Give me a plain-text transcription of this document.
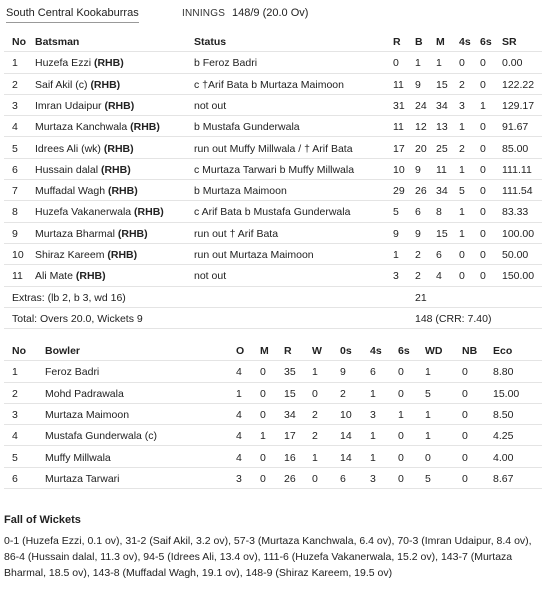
South Central Kookaburras	INNINGS 148/9 (20.0 Ov)
No Batsman	Status	R B M 4s 6s SR
1 Huzefa Ezzi (RHB)	b Feroz Badri	0 1 1 0 0 0.00
2 Saif Akil (c) (RHB)	c †Arif Bata b Murtaza Maimoon	11 9 15 2 0 122.22
3 Imran Udaipur (RHB)	not out	31 24 34 3 1 129.17
4 Murtaza Kanchwala (RHB)	b Mustafa Gunderwala	11 12 13 1 0 91.67
5 Idrees Ali (wk) (RHB)	run out Muffy Millwala / † Arif Bata	17 20 25 2 0 85.00
6 Hussain dalal (RHB)	c Murtaza Tarwari b Muffy Millwala	10 9 11 1 0 111.11
7 Muffadal Wagh (RHB)	b Murtaza Maimoon	29 26 34 5 0 111.54
8 Huzefa Vakanerwala (RHB)	c Arif Bata b Mustafa Gunderwala	5 6 8 1 0 83.33
9 Murtaza Bharmal (RHB)	run out † Arif Bata	9 9 15 1 0 100.00
10 Shiraz Kareem (RHB)	run out Murtaza Maimoon	1 2 6 0 0 50.00
11 Ali Mate (RHB)	not out	3 2 4 0 0 150.00
Extras: (lb 2, b 3, wd 16)	21
Total: Overs 20.0, Wickets 9	148 (CRR: 7.40)
No Bowler	O M R W 0s 4s 6s WD NB Eco
1	Feroz Badri	4 0 35 1 9 6 0 1	0 8.80
2	Mohd Padrawala	1 0 15 0 2 1 0 5	0 15.00
3	Murtaza Maimoon	4 0 34 2 10 3 1 1	0 8.50
4	Mustafa Gunderwala (c)	4 1 17 2 14 1 0 1	0 4.25
5	Muffy Millwala	4 0 16 1 14 1 0 0	0 4.00
6	Murtaza Tarwari	3 0 26 0 6 3 0 5	0 8.67
Fall of Wickets
0-1 (Huzefa Ezzi, 0.1 ov), 31-2 (Saif Akil, 3.2 ov), 57-3 (Murtaza Kanchwala, 6.4 ov), 70-3 (Imran Udaipur, 8.4 ov), 86-4 (Hussain dalal, 11.3 ov), 94-5 (Idrees Ali, 13.4 ov), 111-6 (Huzefa Vakanerwala, 15.2 ov), 143-7 (Murtaza Bharmal, 18.5 ov), 143-8 (Muffadal Wagh, 19.1 ov), 148-9 (Shiraz Kareem, 19.5 ov)
